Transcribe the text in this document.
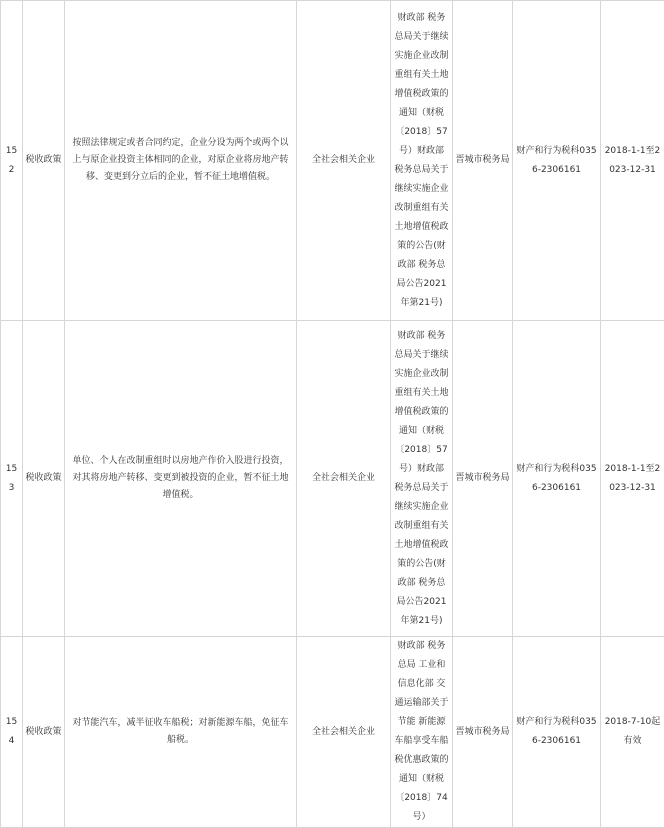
152	税收政策	按照法律规定或者合同约定，企业分设为两个或两个以上与原企业投资主体相同的企业，对原企业将房地产转移、变更到分立后的企业，暂不征土地增值税。	全社会相关企业	财政部 税务总局关于继续实施企业改制重组有关土地增值税政策的通知（财税〔2018〕57号）财政部 税务总局关于继续实施企业改制重组有关土地增值税政策的公告(财政部 税务总局公告2021年第21号)	晋城市税务局	财产和行为税科0356-2306161	2018-1-1至2023-12-31
153	税收政策	单位、个人在改制重组时以房地产作价入股进行投资，对其将房地产转移、变更到被投资的企业，暂不征土地增值税。	全社会相关企业	财政部 税务总局关于继续实施企业改制重组有关土地增值税政策的通知（财税〔2018〕57号）财政部 税务总局关于继续实施企业改制重组有关土地增值税政策的公告(财政部 税务总局公告2021年第21号)	晋城市税务局	财产和行为税科0356-2306161	2018-1-1至2023-12-31
154	税收政策	对节能汽车，减半征收车船税；对新能源车船，免征车船税。	全社会相关企业	财政部 税务总局 工业和信息化部 交通运输部关于节能 新能源车船享受车船税优惠政策的通知（财税〔2018〕74号）	晋城市税务局	财产和行为税科0356-2306161	2018-7-10起有效
